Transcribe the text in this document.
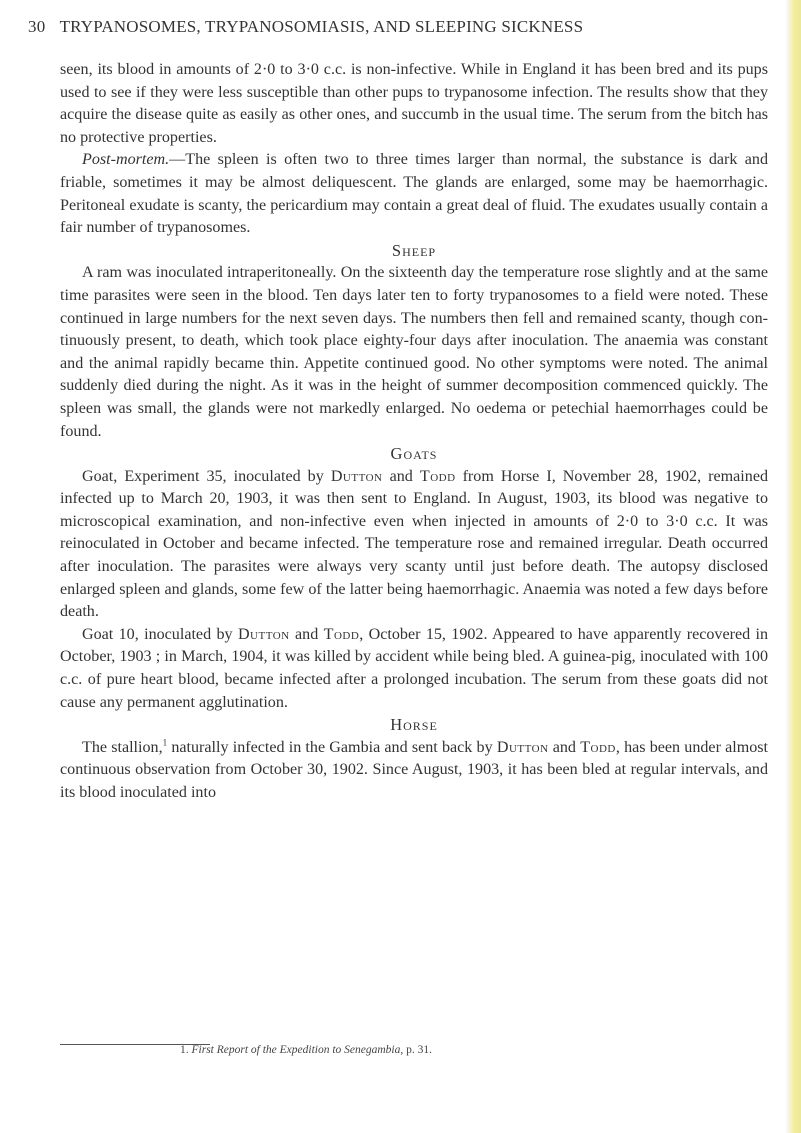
30 TRYPANOSOMES, TRYPANOSOMIASIS, AND SLEEPING SICKNESS

seen, its blood in amounts of 2·0 to 3·0 c.c. is non-infective. While in England it has been bred and its pups used to see if they were less susceptible than other pups to trypanosome infection. The results show that they acquire the disease quite as easily as other ones, and succumb in the usual time. The serum from the bitch has no protective properties.

Post-mortem.—The spleen is often two to three times larger than normal, the substance is dark and friable, sometimes it may be almost deliquescent. The glands are enlarged, some may be haemorrhagic. Peritoneal exudate is scanty, the pericardium may contain a great deal of fluid. The exudates usually contain a fair number of trypanosomes.

Sheep

A ram was inoculated intraperitoneally. On the sixteenth day the temperature rose slightly and at the same time parasites were seen in the blood. Ten days later ten to forty trypanosomes to a field were noted. These continued in large numbers for the next seven days. The numbers then fell and remained scanty, though continuously present, to death, which took place eighty-four days after inoculation. The anaemia was constant and the animal rapidly became thin. Appetite continued good. No other symptoms were noted. The animal suddenly died during the night. As it was in the height of summer decomposition commenced quickly. The spleen was small, the glands were not markedly enlarged. No oedema or petechial haemorrhages could be found.

Goats

Goat, Experiment 35, inoculated by Dutton and Todd from Horse I, November 28, 1902, remained infected up to March 20, 1903, it was then sent to England. In August, 1903, its blood was negative to microscopical examination, and non-infective even when injected in amounts of 2·0 to 3·0 c.c. It was reinoculated in October and became infected. The temperature rose and remained irregular. Death occurred after inoculation. The parasites were always very scanty until just before death. The autopsy disclosed enlarged spleen and glands, some few of the latter being haemorrhagic. Anaemia was noted a few days before death.

Goat 10, inoculated by Dutton and Todd, October 15, 1902. Appeared to have apparently recovered in October, 1903 ; in March, 1904, it was killed by accident while being bled. A guinea-pig, inoculated with 100 c.c. of pure heart blood, became infected after a prolonged incubation. The serum from these goats did not cause any permanent agglutination.

Horse

The stallion,$^1$ naturally infected in the Gambia and sent back by Dutton and Todd, has been under almost continuous observation from October 30, 1902. Since August, 1903, it has been bled at regular intervals, and its blood inoculated into

1. First Report of the Expedition to Senegambia, p. 31.
